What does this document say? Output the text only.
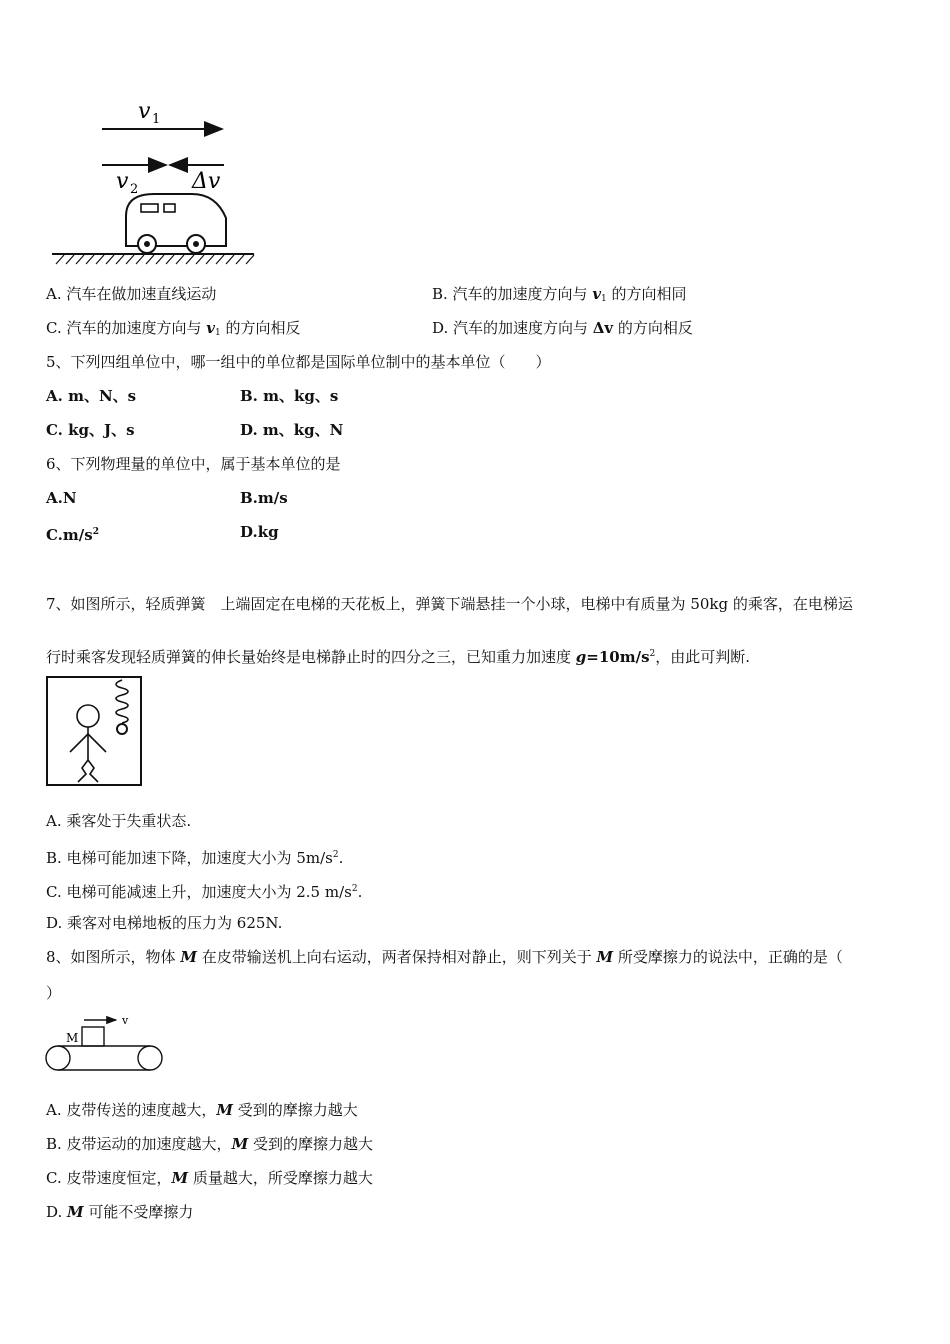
v 1
v 2 Δv
A. 汽车在做加速直线运动	B. 汽车的加速度方向与 $v_1$ 的方向相同
C. 汽车的加速度方向与 $v_1$ 的方向相反	D. 汽车的加速度方向与 Δv 的方向相反
5、下列四组单位中，哪一组中的单位都是国际单位制中的基本单位（　　）
A. m、N、s	B. m、kg、s
C. kg、J、s	D. m、kg、N
6、下列物理量的单位中，属于基本单位的是
A.N	B.m/s
$C.m/s^2$	D.kg
7、如图所示，轻质弹簧　上端固定在电梯的天花板上，弹簧下端悬挂一个小球，电梯中有质量为 50kg 的乘客，在电梯运
行时乘客发现轻质弹簧的伸长量始终是电梯静止时的四分之三，已知重力加速度 $g=10m/s^2$，由此可判断.
A. 乘客处于失重状态.
B. 电梯可能加速下降，加速度大小为 $5m/s^2$.
C. 电梯可能减速上升，加速度大小为 2.5 $m/s^2$.
D. 乘客对电梯地板的压力为 625N.
8、如图所示，物体 M 在皮带输送机上向右运动，两者保持相对静止，则下列关于 M 所受摩擦力的说法中，正确的是（
）
v
M
A. 皮带传送的速度越大，M 受到的摩擦力越大
B. 皮带运动的加速度越大，M 受到的摩擦力越大
C. 皮带速度恒定，M 质量越大，所受摩擦力越大
D. M 可能不受摩擦力
